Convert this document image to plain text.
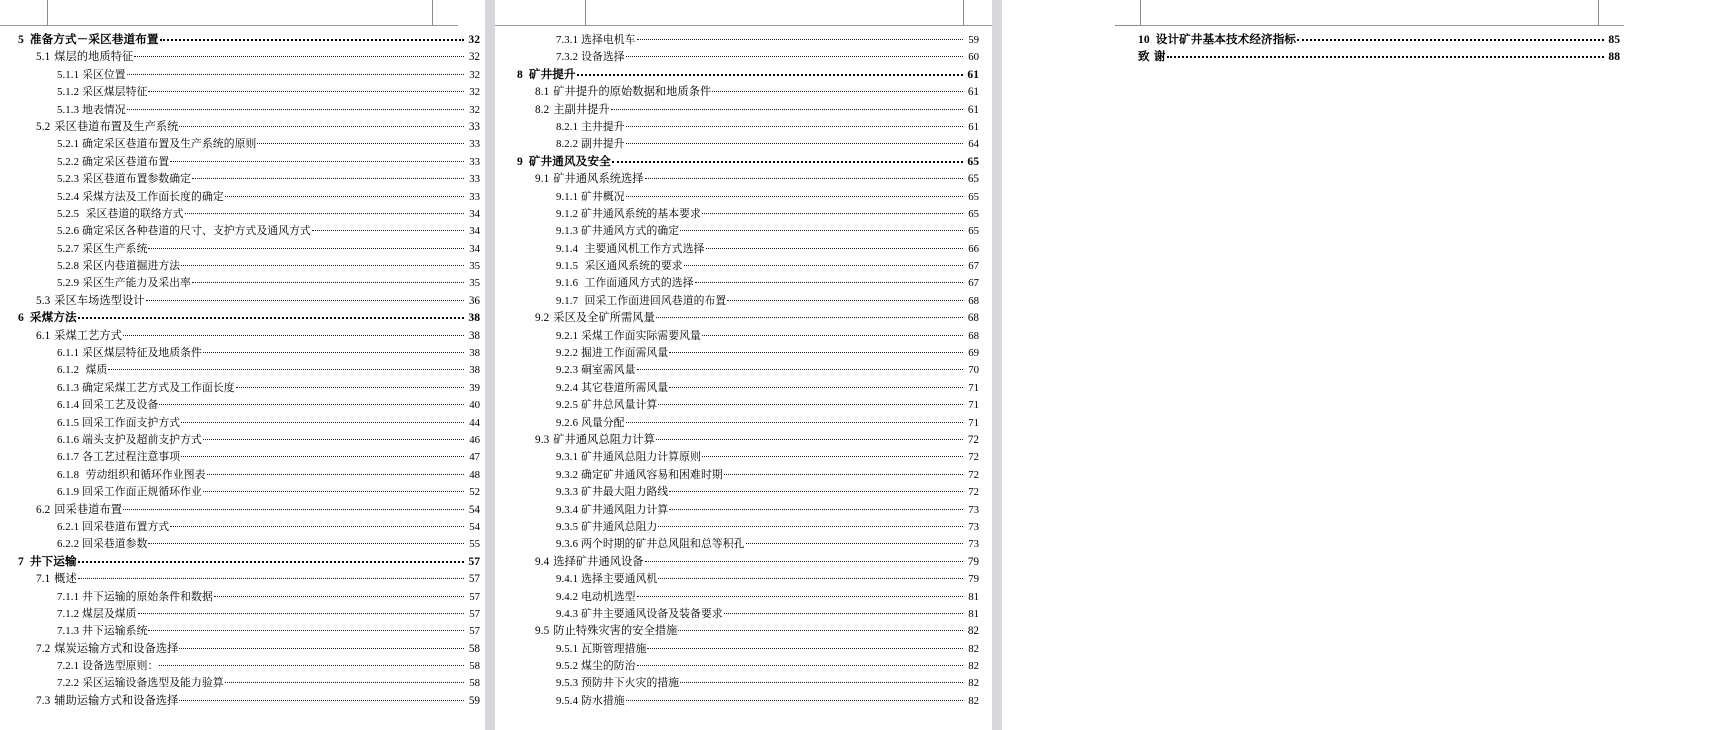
5 准备方式－采区巷道布置	32
5.1 煤层的地质特征	32
5.1.1 采区位置	32
5.1.2 采区煤层特征	32
5.1.3 地表情况	32
5.2 采区巷道布置及生产系统	33
5.2.1 确定采区巷道布置及生产系统的原则	33
5.2.2 确定采区巷道布置	33
5.2.3 采区巷道布置参数确定	33
5.2.4 采煤方法及工作面长度的确定	33
5.2.5 采区巷道的联络方式	34
5.2.6 确定采区各种巷道的尺寸、支护方式及通风方式	34
5.2.7 采区生产系统	34
5.2.8 采区内巷道掘进方法	35
5.2.9 采区生产能力及采出率	35
5.3 采区车场选型设计	36
6 采煤方法	38
6.1 采煤工艺方式	38
6.1.1 采区煤层特征及地质条件	38
6.1.2 煤质	38
6.1.3 确定采煤工艺方式及工作面长度	39
6.1.4 回采工艺及设备	40
6.1.5 回采工作面支护方式	44
6.1.6 端头支护及超前支护方式	46
6.1.7 各工艺过程注意事项	47
6.1.8 劳动组织和循环作业图表	48
6.1.9 回采工作面正规循环作业	52
6.2 回采巷道布置	54
6.2.1 回采巷道布置方式	54
6.2.2 回采巷道参数	55
7 井下运输	57
7.1 概述	57
7.1.1 井下运输的原始条件和数据	57
7.1.2 煤层及煤质	57
7.1.3 井下运输系统	57
7.2 煤炭运输方式和设备选择	58
7.2.1 设备选型原则：	58
7.2.2 采区运输设备选型及能力验算	58
7.3 辅助运输方式和设备选择	59
7.3.1 选择电机车	59
7.3.2 设备选择	60
8 矿井提升	61
8.1 矿井提升的原始数据和地质条件	61
8.2 主副井提升	61
8.2.1 主井提升	61
8.2.2 副井提升	64
9 矿井通风及安全	65
9.1 矿井通风系统选择	65
9.1.1 矿井概况	65
9.1.2 矿井通风系统的基本要求	65
9.1.3 矿井通风方式的确定	65
9.1.4 主要通风机工作方式选择	66
9.1.5 采区通风系统的要求	67
9.1.6 工作面通风方式的选择	67
9.1.7 回采工作面进回风巷道的布置	68
9.2 采区及全矿所需风量	68
9.2.1 采煤工作面实际需要风量	68
9.2.2 掘进工作面需风量	69
9.2.3 硐室需风量	70
9.2.4 其它巷道所需风量	71
9.2.5 矿井总风量计算	71
9.2.6 风量分配	71
9.3 矿井通风总阻力计算	72
9.3.1 矿井通风总阻力计算原则	72
9.3.2 确定矿井通风容易和困难时期	72
9.3.3 矿井最大阻力路线	72
9.3.4 矿井通风阻力计算	73
9.3.5 矿井通风总阻力	73
9.3.6 两个时期的矿井总风阻和总等积孔	73
9.4 选择矿井通风设备	79
9.4.1 选择主要通风机	79
9.4.2 电动机选型	81
9.4.3 矿井主要通风设备及装备要求	81
9.5 防止特殊灾害的安全措施	82
9.5.1 瓦斯管理措施	82
9.5.2 煤尘的防治	82
9.5.3 预防井下火灾的措施	82
9.5.4 防水措施	82
10 设计矿井基本技术经济指标	85
致 谢	88
